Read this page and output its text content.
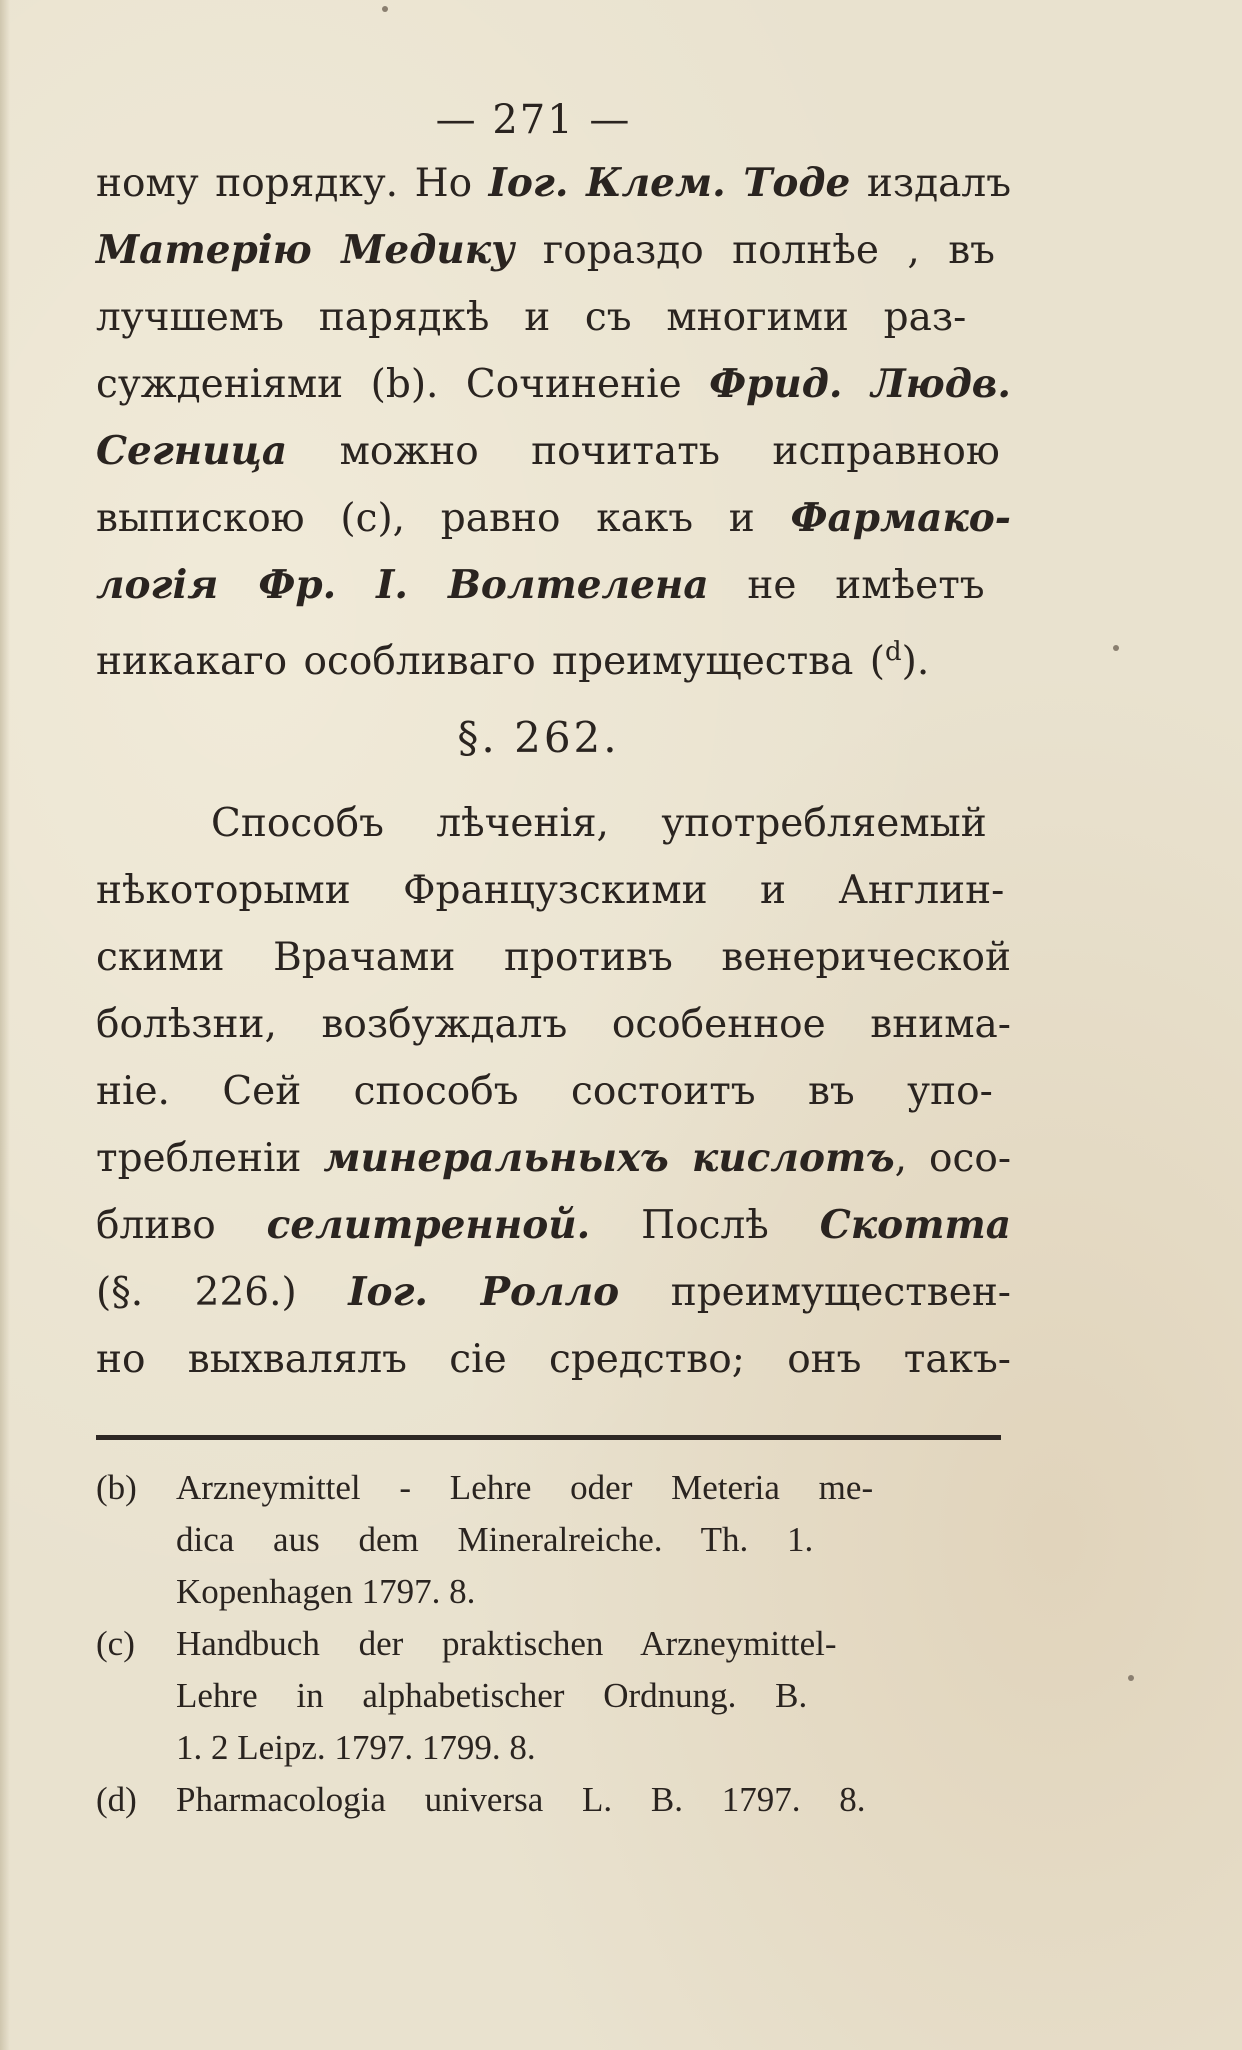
— 271 —
ному порядку. Но Іог. Клем. Тоде издалъ
Матерію Медику гораздо полнѣе , въ
лучшемъ парядкѣ и съ многими раз-
сужденіями (b). Сочиненіе Фрид. Людв.
Сегница можно почитать исправною
выпискою (c), равно какъ и Фармако-
логія Фр. І. Волтелена не имѣетъ
никакаго особливаго преимущества ($^d$).
§. 262.
Способъ лѣченія, употребляемый
нѣкоторыми Французскими и Англин-
скими Врачами противъ венерической
болѣзни, возбуждалъ особенное внима-
ніе. Сей способъ состоитъ въ упо-
требленіи минеральныхъ кислотъ, осо-
бливо селитренной. Послѣ Скотта
(§. 226.) Іог. Ролло преимуществен-
но выхвалялъ сіе средство; онъ такъ-
(b)	Arzneymittel - Lehre oder Meteria me-
dica aus dem Mineralreiche. Th. 1.
Kopenhagen 1797. 8.
(c)	Handbuch der praktischen Arzneymittel-
Lehre in alphabetischer Ordnung. B.
1. 2 Leipz. 1797. 1799. 8.
(d)	Pharmacologia universa L. B. 1797. 8.
